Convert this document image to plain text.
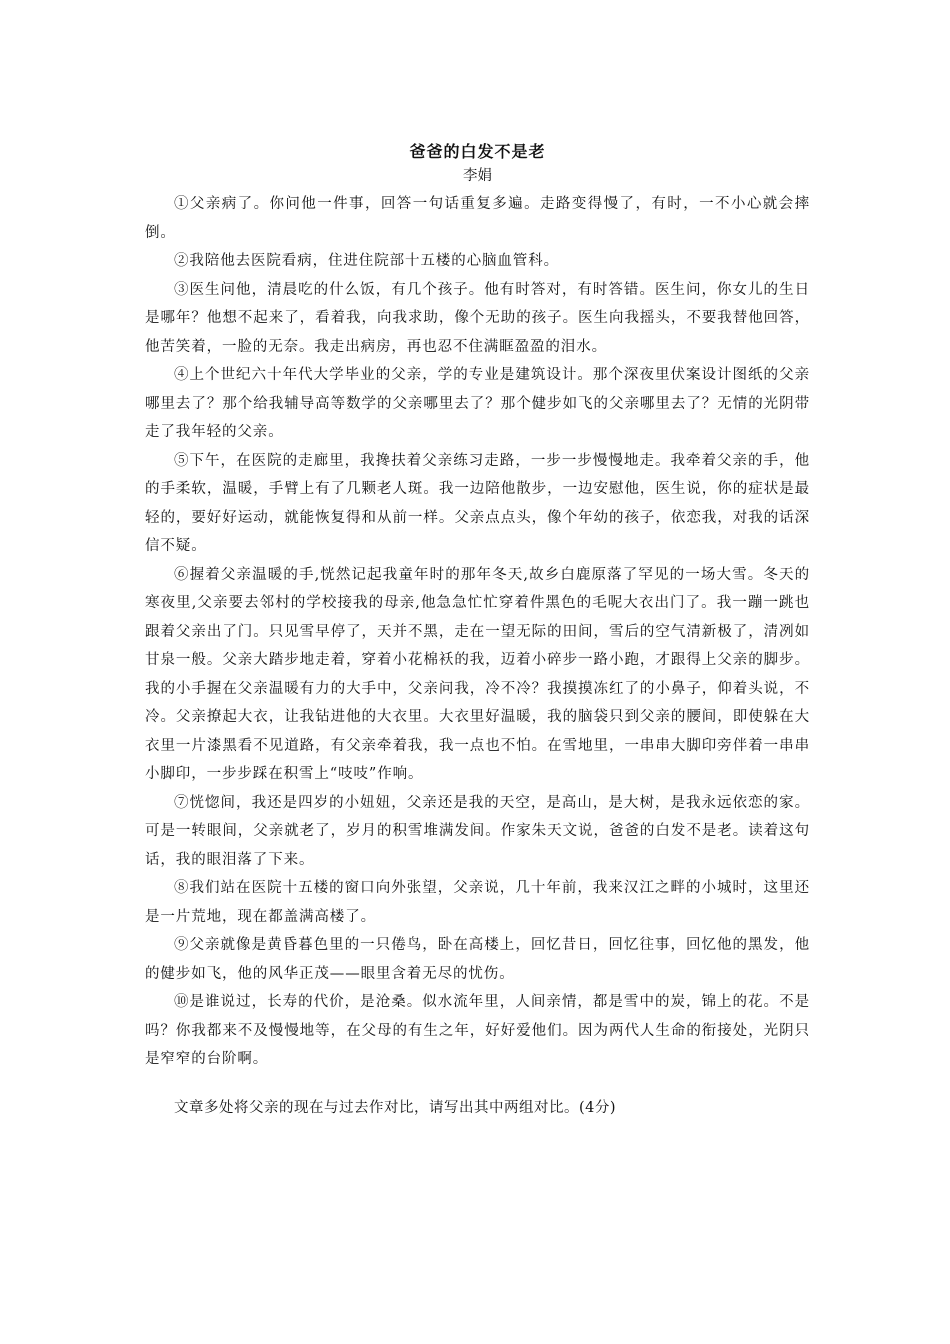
爸爸的白发不是老

李娟

①父亲病了。你问他一件事，回答一句话重复多遍。走路变得慢了，有时，一不小心就会摔倒。

②我陪他去医院看病，住进住院部十五楼的心脑血管科。

③医生问他，清晨吃的什么饭，有几个孩子。他有时答对，有时答错。医生问，你女儿的生日是哪年？他想不起来了，看着我，向我求助，像个无助的孩子。医生向我摇头，不要我替他回答，他苦笑着，一脸的无奈。我走出病房，再也忍不住满眶盈盈的泪水。

④上个世纪六十年代大学毕业的父亲，学的专业是建筑设计。那个深夜里伏案设计图纸的父亲哪里去了？那个给我辅导高等数学的父亲哪里去了？那个健步如飞的父亲哪里去了？无情的光阴带走了我年轻的父亲。

⑤下午，在医院的走廊里，我搀扶着父亲练习走路，一步一步慢慢地走。我牵着父亲的手，他的手柔软，温暖，手臂上有了几颗老人斑。我一边陪他散步，一边安慰他，医生说，你的症状是最轻的，要好好运动，就能恢复得和从前一样。父亲点点头，像个年幼的孩子，依恋我，对我的话深信不疑。

⑥握着父亲温暖的手,恍然记起我童年时的那年冬天,故乡白鹿原落了罕见的一场大雪。冬天的寒夜里,父亲要去邻村的学校接我的母亲,他急急忙忙穿着件黑色的毛呢大衣出门了。我一蹦一跳也跟着父亲出了门。只见雪早停了，天并不黑，走在一望无际的田间，雪后的空气清新极了，清冽如甘泉一般。父亲大踏步地走着，穿着小花棉袄的我，迈着小碎步一路小跑，才跟得上父亲的脚步。我的小手握在父亲温暖有力的大手中，父亲问我，冷不冷？我摸摸冻红了的小鼻子，仰着头说，不冷。父亲撩起大衣，让我钻进他的大衣里。大衣里好温暖，我的脑袋只到父亲的腰间，即使躲在大衣里一片漆黑看不见道路，有父亲牵着我，我一点也不怕。在雪地里，一串串大脚印旁伴着一串串小脚印，一步步踩在积雪上“吱吱”作响。

⑦恍惚间，我还是四岁的小妞妞，父亲还是我的天空，是高山，是大树，是我永远依恋的家。可是一转眼间，父亲就老了，岁月的积雪堆满发间。作家朱天文说，爸爸的白发不是老。读着这句话，我的眼泪落了下来。

⑧我们站在医院十五楼的窗口向外张望，父亲说，几十年前，我来汉江之畔的小城时，这里还是一片荒地，现在都盖满高楼了。

⑨父亲就像是黄昏暮色里的一只倦鸟，卧在高楼上，回忆昔日，回忆往事，回忆他的黑发，他的健步如飞，他的风华正茂——眼里含着无尽的忧伤。

⑩是谁说过，长寿的代价，是沧桑。似水流年里，人间亲情，都是雪中的炭，锦上的花。不是吗？你我都来不及慢慢地等，在父母的有生之年，好好爱他们。因为两代人生命的衔接处，光阴只是窄窄的台阶啊。

文章多处将父亲的现在与过去作对比，请写出其中两组对比。(4分)
